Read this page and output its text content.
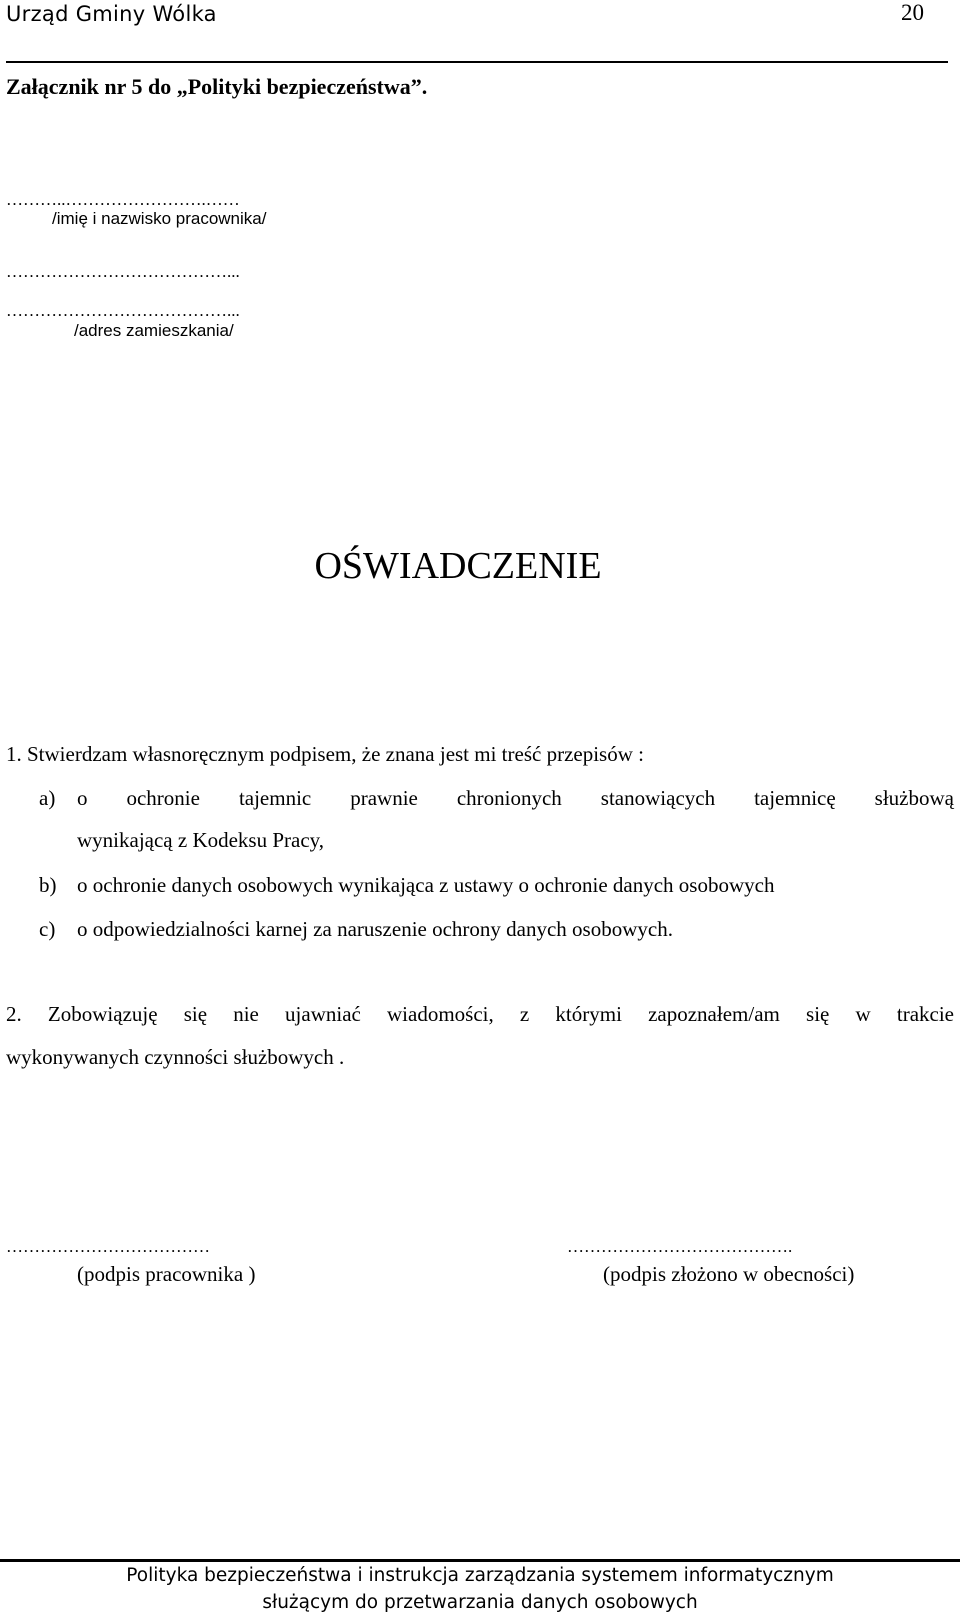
Urząd Gminy Wólka	20
Załącznik nr 5 do „Polityki bezpieczeństwa”.
………..…………………….……
/imię i nazwisko pracownika/
…………………………………...
…………………………………...
/adres zamieszkania/
OŚWIADCZENIE
1. Stwierdzam własnoręcznym podpisem, że znana jest mi treść przepisów :
a)	o ochronie tajemnic prawnie chronionych stanowiących tajemnicę służbową
wynikającą z Kodeksu Pracy,
b) o ochronie danych osobowych wynikająca z ustawy o ochronie danych osobowych
c) o odpowiedzialności karnej za naruszenie ochrony danych osobowych.
2. Zobowiązuję się nie ujawniać wiadomości, z którymi zapoznałem/am się w trakcie
wykonywanych czynności służbowych .
………………………………
(podpis pracownika )
………………………………….
(podpis złożono w obecności)
Polityka bezpieczeństwa i instrukcja zarządzania systemem informatycznym
służącym do przetwarzania danych osobowych
